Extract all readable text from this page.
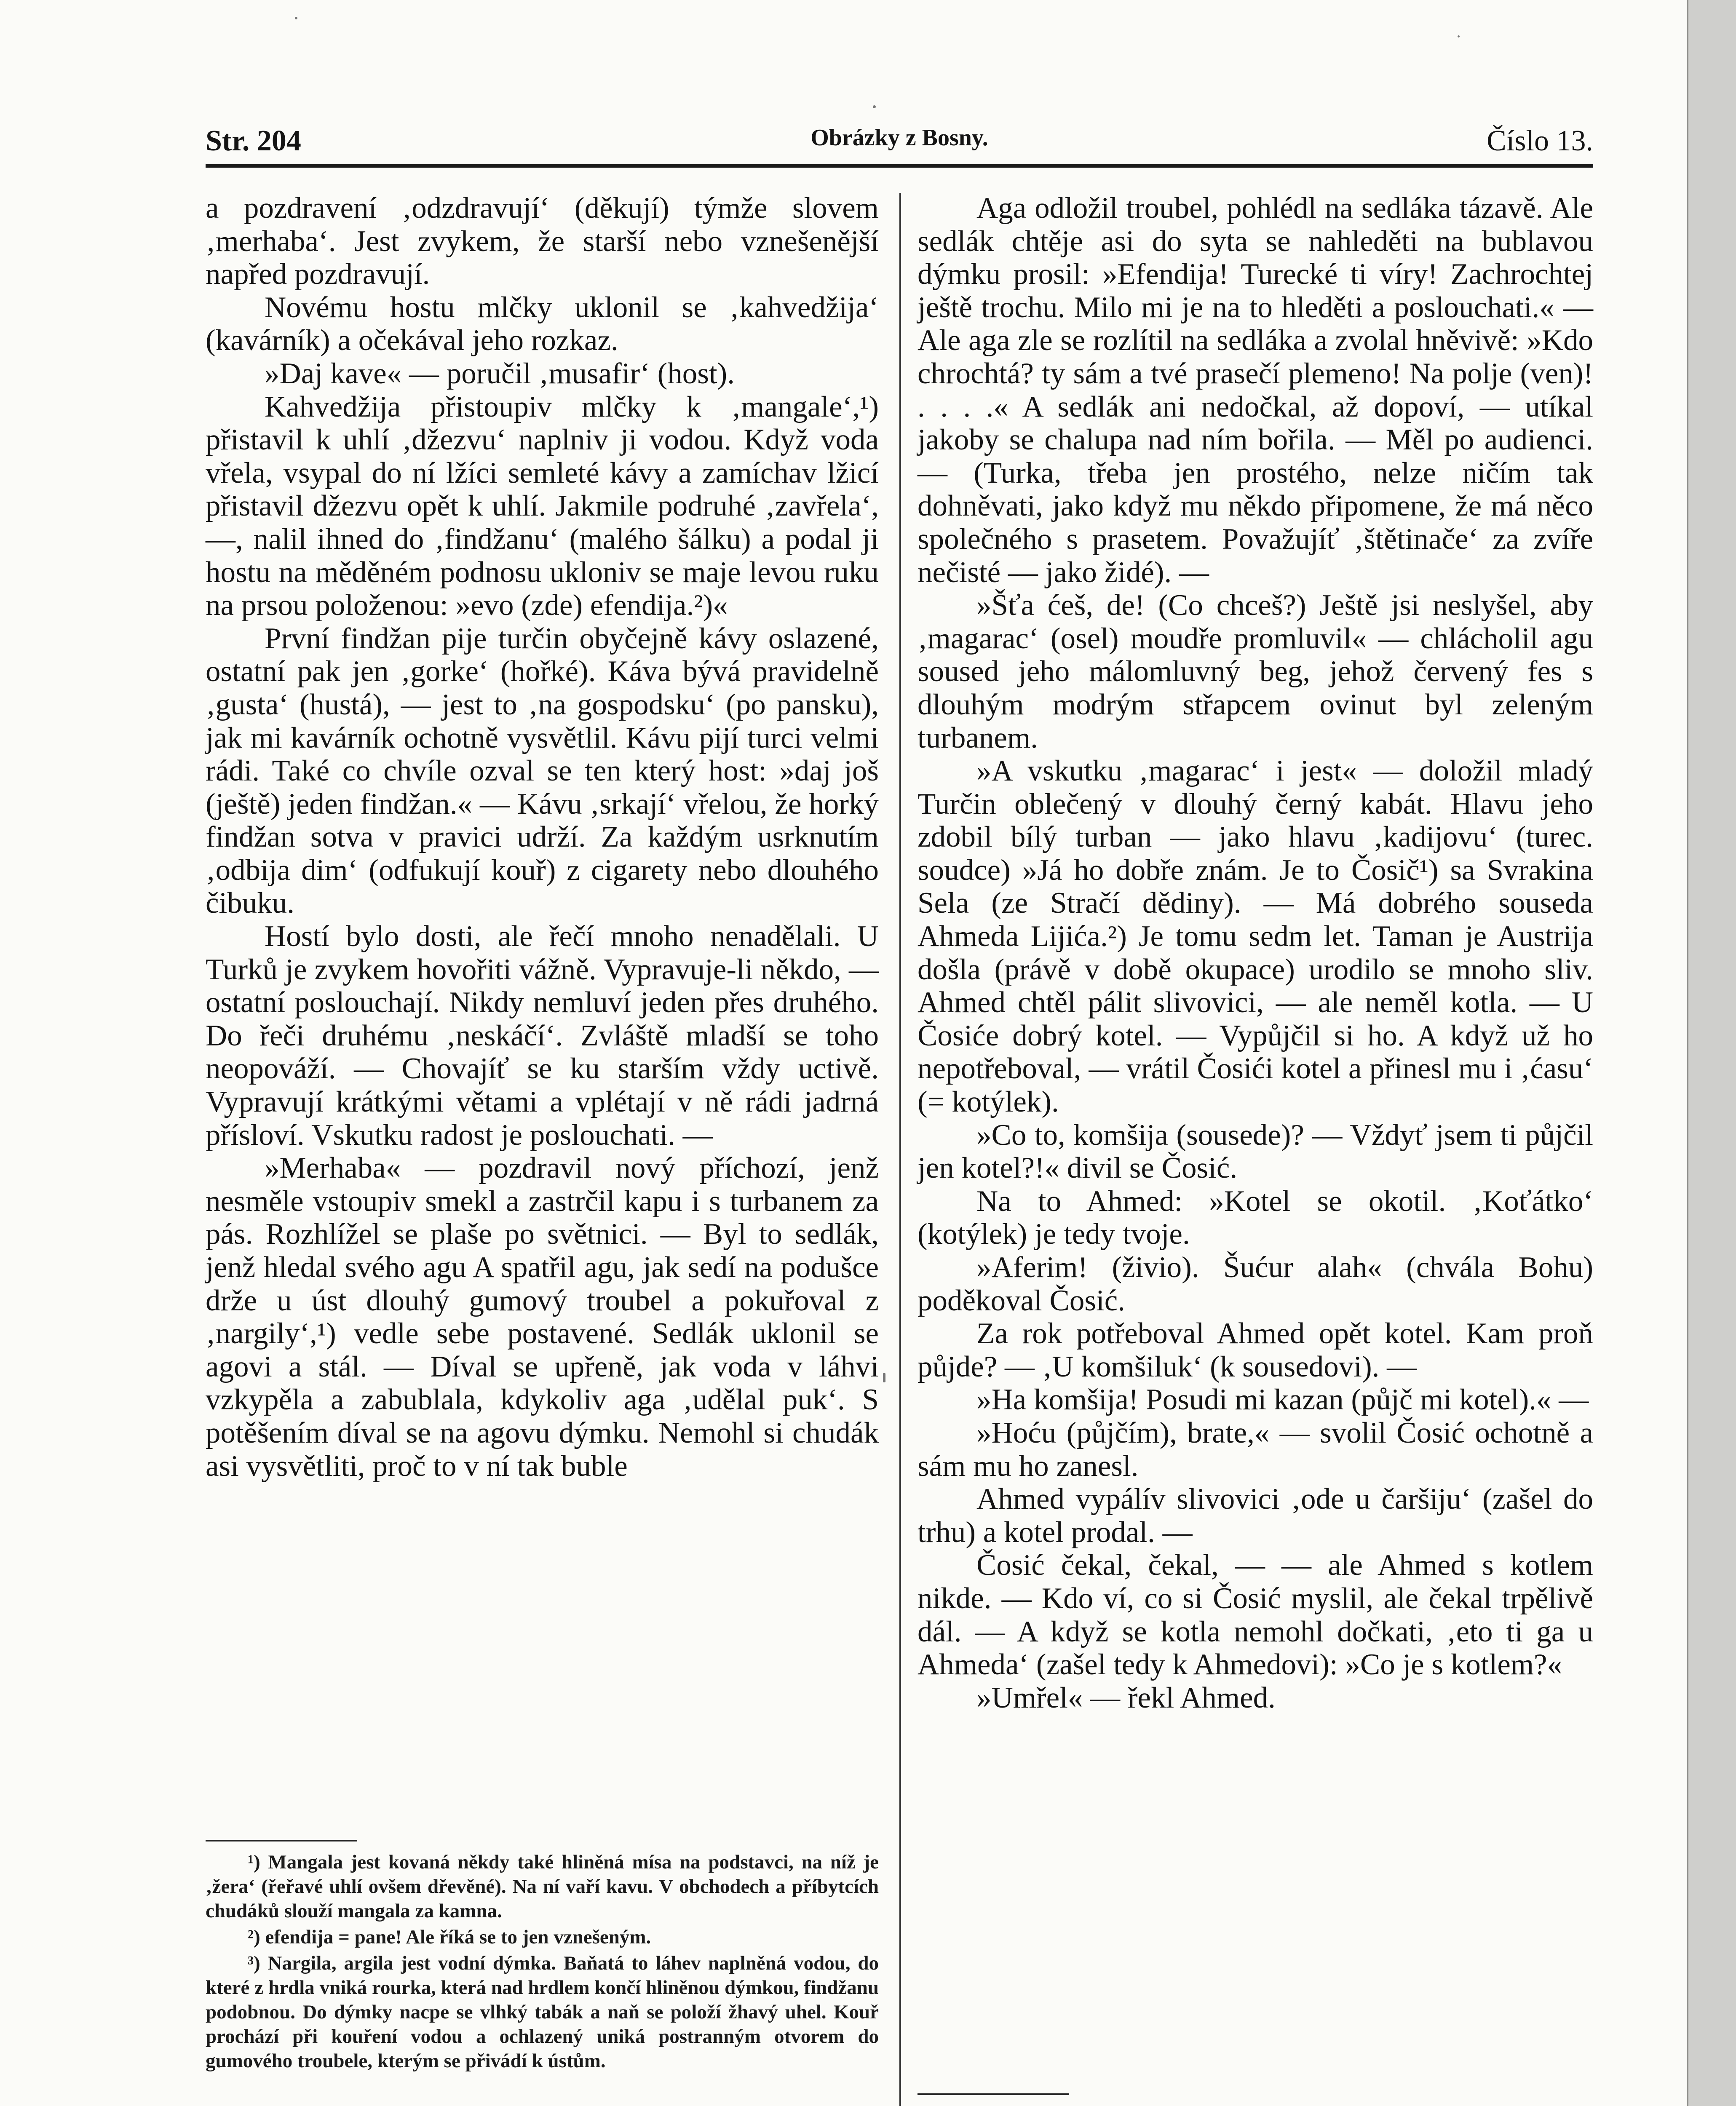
Str. 204	Obrázky z Bosny.	Číslo 13.

a pozdravení ‚odzdravují‘ (děkují) týmže slovem ‚merhaba‘. Jest zvykem, že starší nebo vznešenější napřed pozdravují.

Novému hostu mlčky uklonil se ‚kahvedžija‘ (kavárník) a očekával jeho rozkaz.

»Daj kave« — poručil ‚musafir‘ (host).

Kahvedžija přistoupiv mlčky k ‚mangale‘,¹) přistavil k uhlí ‚džezvu‘ naplniv ji vodou. Když voda vřela, vsypal do ní lžíci semleté kávy a zamíchav lžicí přistavil džezvu opět k uhlí. Jakmile podruhé ‚zavřela‘, —, nalil ihned do ‚findžanu‘ (malého šálku) a podal ji hostu na měděném podnosu ukloniv se maje levou ruku na prsou položenou: »evo (zde) efendija.²)«

První findžan pije turčin obyčejně kávy oslazené, ostatní pak jen ‚gorke‘ (hořké). Káva bývá pravidelně ‚gusta‘ (hustá), — jest to ‚na gospodsku‘ (po pansku), jak mi kavárník ochotně vysvětlil. Kávu pijí turci velmi rádi. Také co chvíle ozval se ten který host: »daj još (ještě) jeden findžan.« — Kávu ‚srkají‘ vřelou, že horký findžan sotva v pravici udrží. Za každým usrknutím ‚odbija dim‘ (odfukují kouř) z cigarety nebo dlouhého čibuku.

Hostí bylo dosti, ale řečí mnoho nenadělali. U Turků je zvykem hovořiti vážně. Vypravuje-li někdo, — ostatní poslouchají. Nikdy nemluví jeden přes druhého. Do řeči druhému ‚neskáčí‘. Zvláště mladší se toho neopováží. — Chovajíť se ku starším vždy uctivě. Vypravují krátkými větami a vplétají v ně rádi jadrná přísloví. Vskutku radost je poslouchati. —

»Merhaba« — pozdravil nový příchozí, jenž nesměle vstoupiv smekl a zastrčil kapu i s turbanem za pás. Rozhlížel se plaše po světnici. — Byl to sedlák, jenž hledal svého agu A spatřil agu, jak sedí na podušce drže u úst dlouhý gumový troubel a pokuřoval z ‚nargily‘,¹) vedle sebe postavené. Sedlák uklonil se agovi a stál. — Díval se upřeně, jak voda v láhvi vzkypěla a zabublala, kdykoliv aga ‚udělal puk‘. S potěšením díval se na agovu dýmku. Nemohl si chudák asi vysvětliti, proč to v ní tak buble

¹) Mangala jest kovaná někdy také hliněná mísa na podstavci, na níž je ‚žera‘ (řeřavé uhlí ovšem dřevěné). Na ní vaří kavu. V obchodech a příbytcích chudáků slouží mangala za kamna.

²) efendija = pane! Ale říká se to jen vznešeným.

³) Nargila, argila jest vodní dýmka. Baňatá to láhev naplněná vodou, do které z hrdla vniká rourka, která nad hrdlem končí hliněnou dýmkou, findžanu podobnou. Do dýmky nacpe se vlhký tabák a naň se položí žhavý uhel. Kouř prochází při kouření vodou a ochlazený uniká postranným otvorem do gumového troubele, kterým se přivádí k ústům.

Aga odložil troubel, pohlédl na sedláka tázavě. Ale sedlák chtěje asi do syta se nahleděti na bublavou dýmku prosil: »Efendija! Turecké ti víry! Zachrochtej ještě trochu. Milo mi je na to hleděti a poslouchati.« — Ale aga zle se rozlítil na sedláka a zvolal hněvivě: »Kdo chrochtá? ty sám a tvé prasečí plemeno! Na polje (ven)! . . . .« A sedlák ani nedočkal, až dopoví, — utíkal jakoby se chalupa nad ním bořila. — Měl po audienci. — (Turka, třeba jen prostého, nelze ničím tak dohněvati, jako když mu někdo připomene, že má něco společného s prasetem. Považujíť ‚štětinače‘ za zvíře nečisté — jako židé). —

»Šťa ćeš, de! (Co chceš?) Ještě jsi neslyšel, aby ‚magarac‘ (osel) moudře promluvil« — chlácholil agu soused jeho málomluvný beg, jehož červený fes s dlouhým modrým střapcem ovinut byl zeleným turbanem.

»A vskutku ‚magarac‘ i jest« — doložil mladý Turčin oblečený v dlouhý černý kabát. Hlavu jeho zdobil bílý turban — jako hlavu ‚kadijovu‘ (turec. soudce) »Já ho dobře znám. Je to Čosič¹) sa Svrakina Sela (ze Stračí dědiny). — Má dobrého souseda Ahmeda Lijića.²) Je tomu sedm let. Taman je Austrija došla (právě v době okupace) urodilo se mnoho sliv. Ahmed chtěl pálit slivovici, — ale neměl kotla. — U Čosiće dobrý kotel. — Vypůjčil si ho. A když už ho nepotřeboval, — vrátil Čosići kotel a přinesl mu i ‚ćasu‘ (= kotýlek).

»Co to, komšija (sousede)? — Vždyť jsem ti půjčil jen kotel?!« divil se Čosić.

Na to Ahmed: »Kotel se okotil. ‚Koťátko‘ (kotýlek) je tedy tvoje.

»Aferim! (živio). Šućur alah« (chvála Bohu) poděkoval Čosić.

Za rok potřeboval Ahmed opět kotel. Kam proň půjde? — ‚U komšiluk‘ (k sousedovi). —

»Ha komšija! Posudi mi kazan (půjč mi kotel).« —

»Hoću (půjčím), brate,« — svolil Čosić ochotně a sám mu ho zanesl.

Ahmed vypálív slivovici ‚ode u čaršiju‘ (zašel do trhu) a kotel prodal. —

Čosić čekal, čekal, — — ale Ahmed s kotlem nikde. — Kdo ví, co si Čosić myslil, ale čekal trpělivě dál. — A když se kotla nemohl dočkati, ‚eto ti ga u Ahmeda‘ (zašel tedy k Ahmedovi): »Co je s kotlem?«

»Umřel« — řekl Ahmed.
